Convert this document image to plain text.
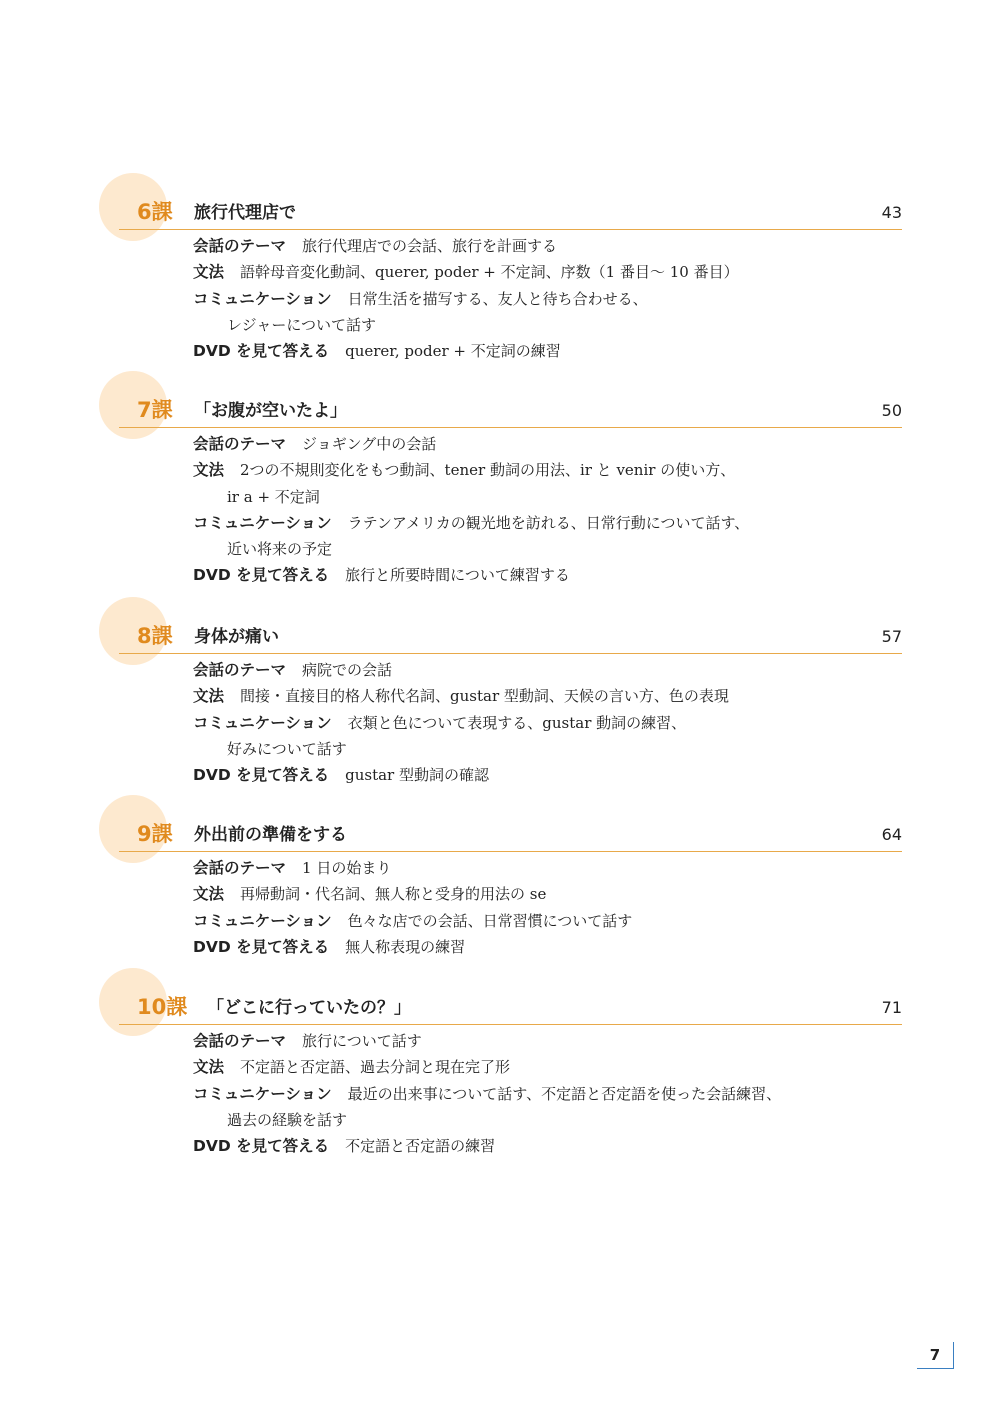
6課 旅行代理店で	43
会話のテーマ 旅行代理店での会話、旅行を計画する
文法 語幹母音変化動詞、querer, poder + 不定詞、序数（1 番目～ 10 番目）
コミュニケーション 日常生活を描写する、友人と待ち合わせる、
レジャーについて話す
DVD を見て答える querer, poder + 不定詞の練習
7課 「お腹が空いたよ」	50
会話のテーマ ジョギング中の会話
文法 2つの不規則変化をもつ動詞、tener 動詞の用法、ir と venir の使い方、
ir a + 不定詞
コミュニケーション ラテンアメリカの観光地を訪れる、日常行動について話す、
近い将来の予定
DVD を見て答える 旅行と所要時間について練習する
8課 身体が痛い	57
会話のテーマ 病院での会話
文法 間接・直接目的格人称代名詞、gustar 型動詞、天候の言い方、色の表現
コミュニケーション 衣類と色について表現する、gustar 動詞の練習、
好みについて話す
DVD を見て答える gustar 型動詞の確認
9課 外出前の準備をする	64
会話のテーマ 1 日の始まり
文法 再帰動詞・代名詞、無人称と受身的用法の se
コミュニケーション 色々な店での会話、日常習慣について話す
DVD を見て答える 無人称表現の練習
10課 「どこに行っていたの？」	71
会話のテーマ 旅行について話す
文法 不定語と否定語、過去分詞と現在完了形
コミュニケーション 最近の出来事について話す、不定語と否定語を使った会話練習、
過去の経験を話す
DVD を見て答える 不定語と否定語の練習
7
